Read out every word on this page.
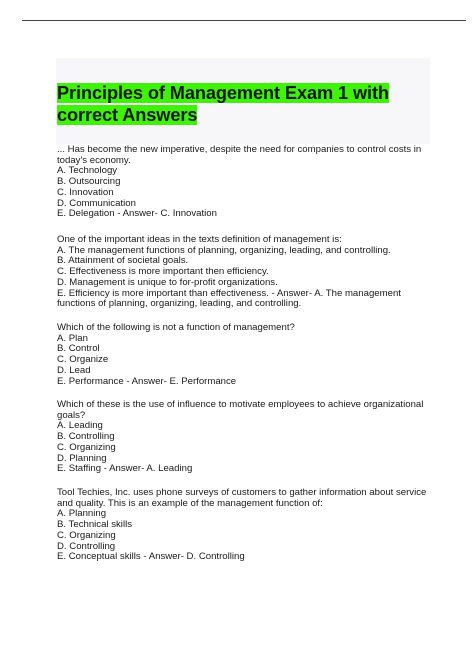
Principles of Management Exam 1 with
correct Answers
... Has become the new imperative, despite the need for companies to control costs in
today's economy.
A. Technology
B. Outsourcing
C. Innovation
D. Communication
E. Delegation - Answer- C. Innovation
One of the important ideas in the texts definition of management is:
A. The management functions of planning, organizing, leading, and controlling.
B. Attainment of societal goals.
C. Effectiveness is more important then efficiency.
D. Management is unique to for-profit organizations.
E. Efficiency is more important than effectiveness. - Answer- A. The management
functions of planning, organizing, leading, and controlling.
Which of the following is not a function of management?
A. Plan
B. Control
C. Organize
D. Lead
E. Performance - Answer- E. Performance
Which of these is the use of influence to motivate employees to achieve organizational
goals?
A. Leading
B. Controlling
C. Organizing
D. Planning
E. Staffing - Answer- A. Leading
Tool Techies, Inc. uses phone surveys of customers to gather information about service
and quality. This is an example of the management function of:
A. Planning
B. Technical skills
C. Organizing
D. Controlling
E. Conceptual skills - Answer- D. Controlling
